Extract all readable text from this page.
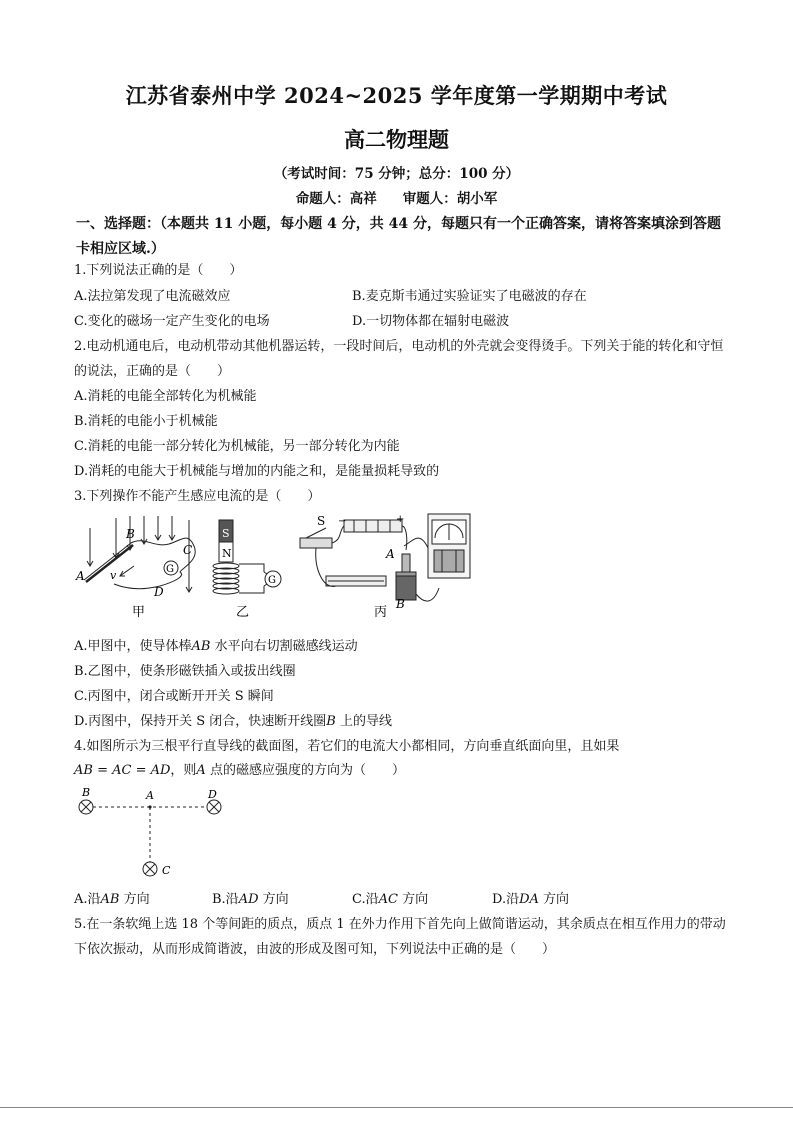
江苏省泰州中学 2024~2025 学年度第一学期期中考试
高二物理题
（考试时间：75 分钟；总分：100 分）
命题人：高祥 审题人：胡小军
一、选择题：（本题共 11 小题，每小题 4 分，共 44 分，每题只有一个正确答案，请将答案填涂到答题卡相应区域.）
1.下列说法正确的是（　　）
A.法拉第发现了电流磁效应	B.麦克斯韦通过实验证实了电磁波的存在
C.变化的磁场一定产生变化的电场	D.一切物体都在辐射电磁波
2.电动机通电后，电动机带动其他机器运转，一段时间后，电动机的外壳就会变得烫手。下列关于能的转化和守恒的说法，正确的是（　　）
A.消耗的电能全部转化为机械能
B.消耗的电能小于机械能
C.消耗的电能一部分转化为机械能，另一部分转化为内能
D.消耗的电能大于机械能与增加的内能之和，是能量损耗导致的
3.下列操作不能产生感应电流的是（　　）
A
B
C
D
v	G
甲
S
N
G
乙
S −	+
A
B
丙
A.甲图中，使导体棒AB 水平向右切割磁感线运动
B.乙图中，使条形磁铁插入或拔出线圈
C.丙图中，闭合或断开开关 S 瞬间
D.丙图中，保持开关 S 闭合，快速断开线圈B 上的导线
4.如图所示为三根平行直导线的截面图，若它们的电流大小都相同，方向垂直纸面向里，且如果
AB = AC = AD，则A 点的磁感应强度的方向为（　　）
B	A	D
C
A.沿AB 方向	B.沿AD 方向	C.沿AC 方向	D.沿DA 方向
5.在一条软绳上选 18 个等间距的质点，质点 1 在外力作用下首先向上做简谐运动，其余质点在相互作用力的带动下依次振动，从而形成简谐波，由波的形成及图可知，下列说法中正确的是（　　）
